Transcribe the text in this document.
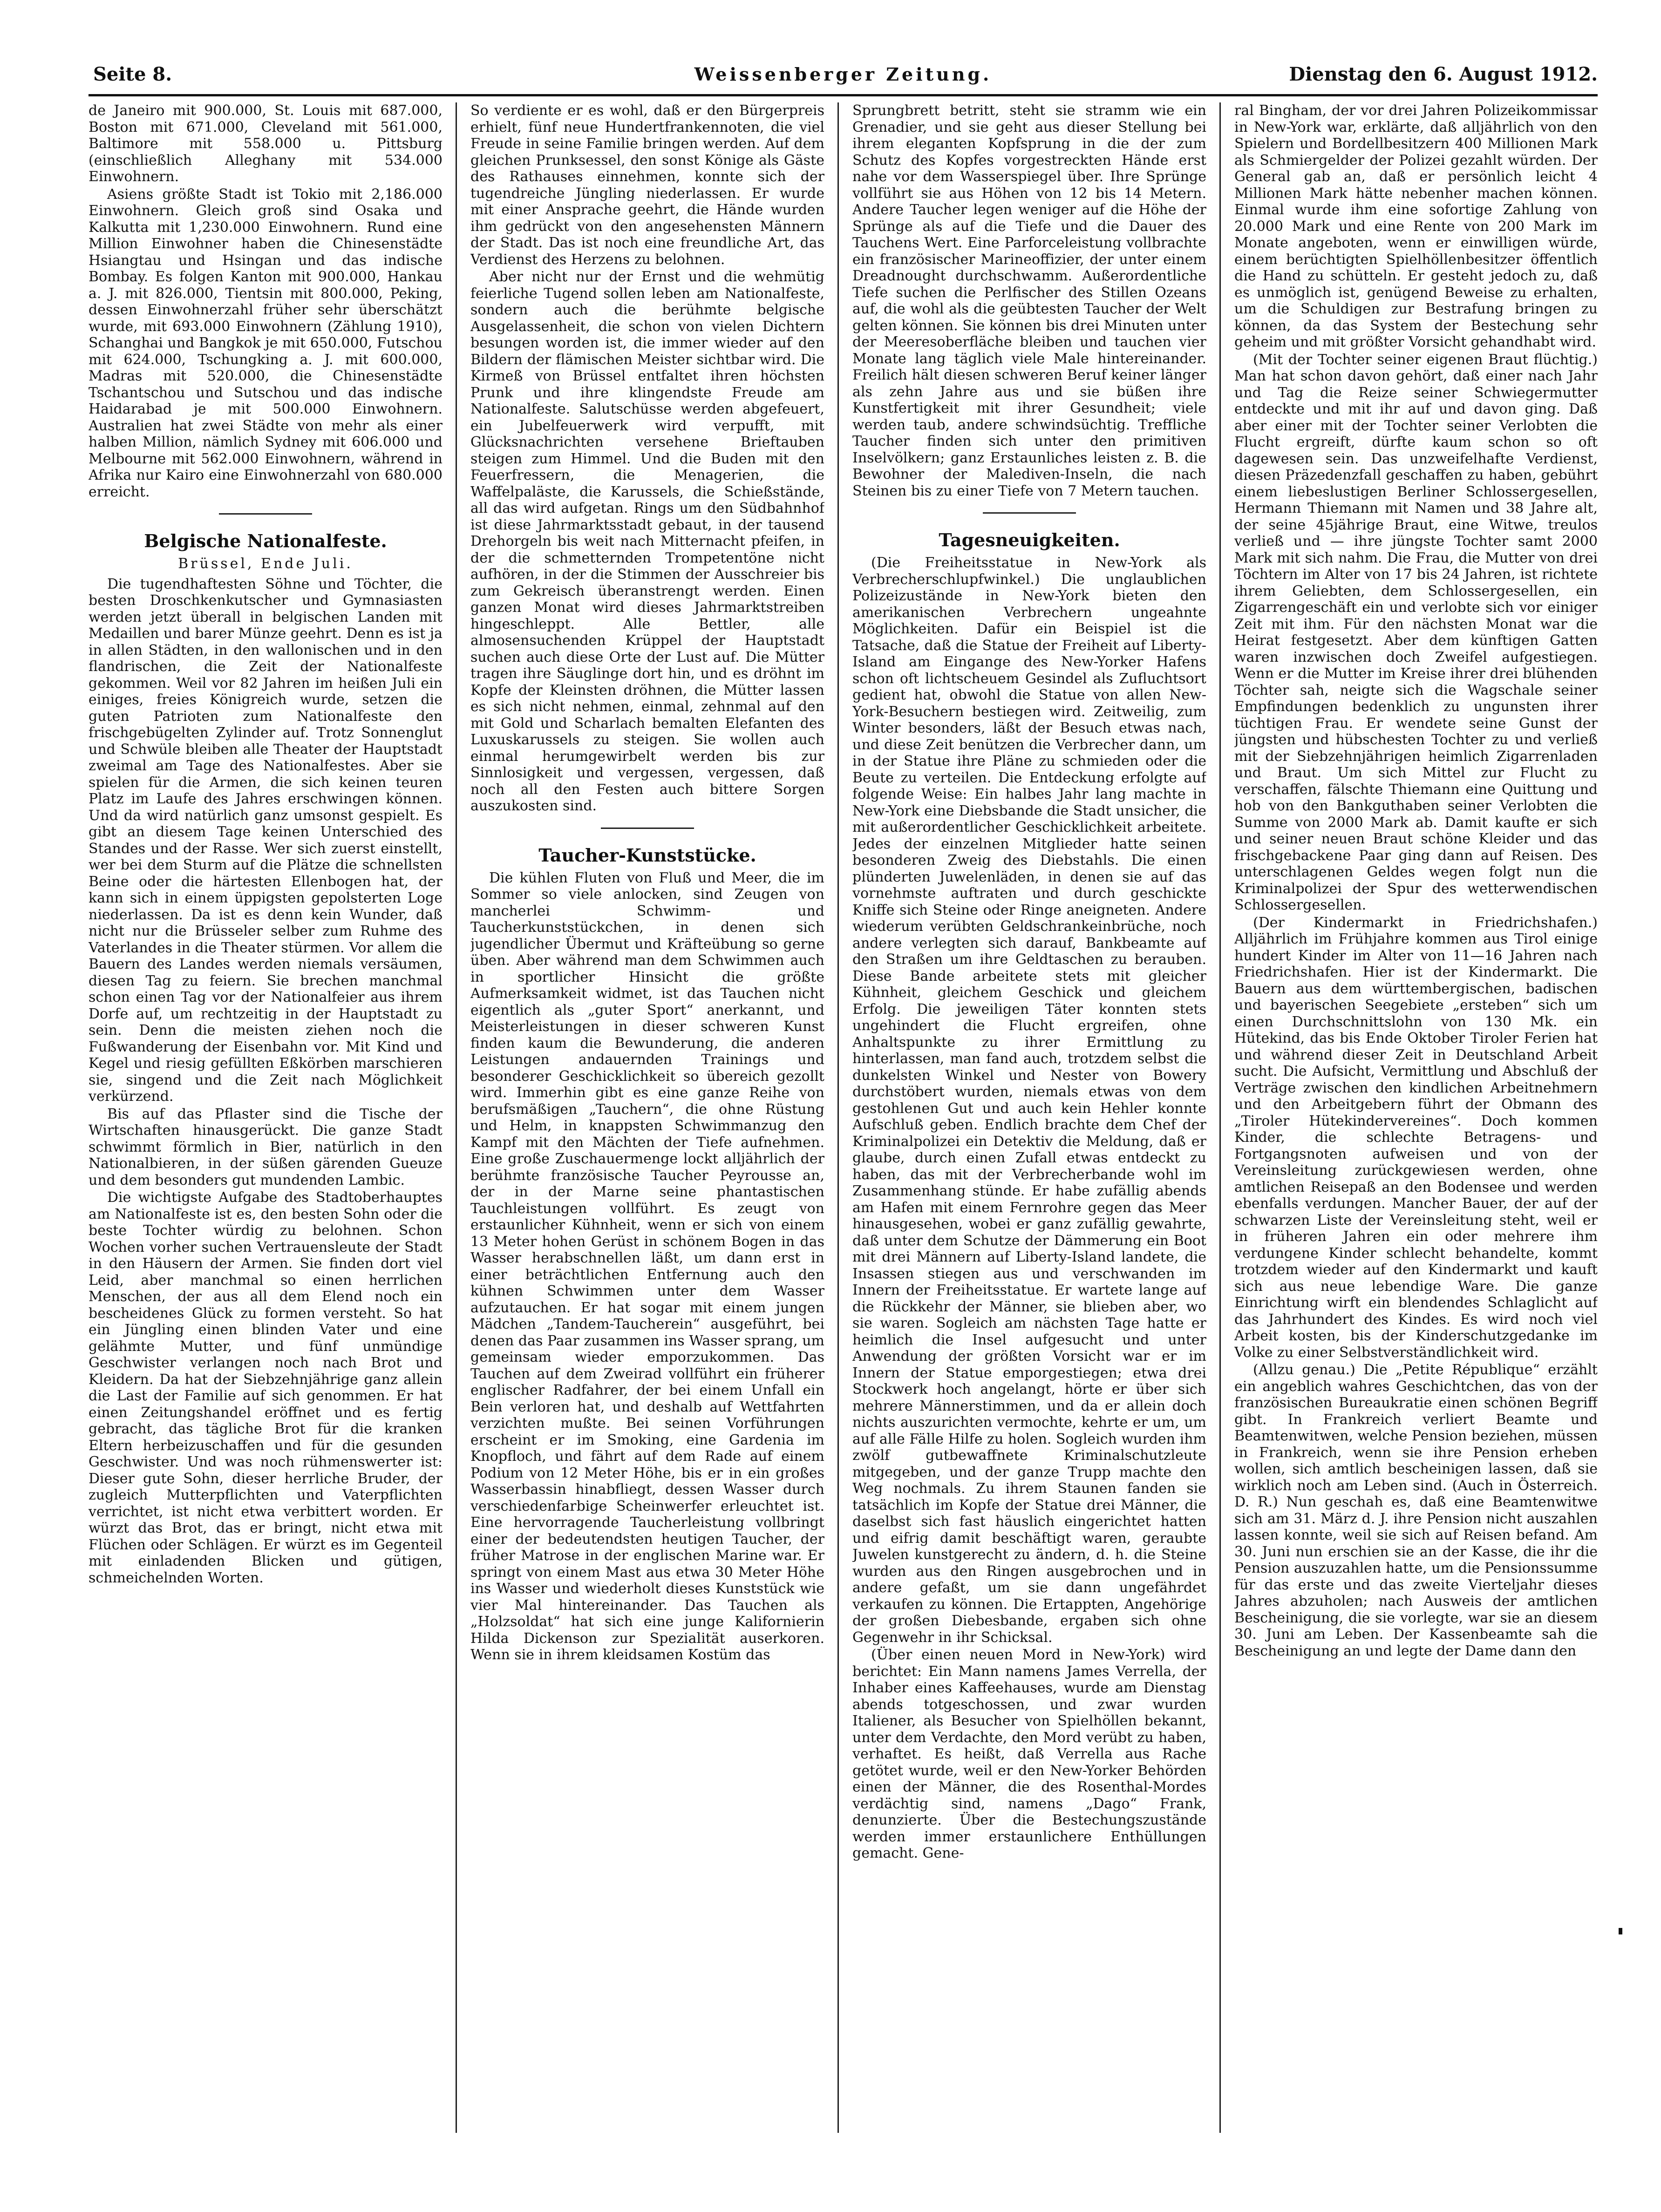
Seite 8.	Weissenberger Zeitung.	Dienstag den 6. August 1912.

de Janeiro mit 900.000, St. Louis mit 687.000, Boston mit 671.000, Cleveland mit 561.000, Baltimore mit 558.000 u. Pittsburg (einschließlich Alleghany mit 534.000 Einwohnern.

Asiens größte Stadt ist Tokio mit 2,186.000 Einwohnern. Gleich groß sind Osaka und Kalkutta mit 1,230.000 Einwohnern. Rund eine Million Einwohner haben die Chinesenstädte Hsiangtau und Hsingan und das indische Bombay. Es folgen Kanton mit 900.000, Hankau a. J. mit 826.000, Tientsin mit 800.000, Peking, dessen Einwohnerzahl früher sehr überschätzt wurde, mit 693.000 Einwohnern (Zählung 1910), Schanghai und Bangkok je mit 650.000, Futschou mit 624.000, Tschungking a. J. mit 600.000, Madras mit 520.000, die Chinesenstädte Tschantschou und Sutschou und das indische Haidarabad je mit 500.000 Einwohnern. Australien hat zwei Städte von mehr als einer halben Million, nämlich Sydney mit 606.000 und Melbourne mit 562.000 Einwohnern, während in Afrika nur Kairo eine Einwohnerzahl von 680.000 erreicht.

Belgische Nationalfeste.

Brüssel, Ende Juli.

Die tugendhaftesten Söhne und Töchter, die besten Droschkenkutscher und Gymnasiasten werden jetzt überall in belgischen Landen mit Medaillen und barer Münze geehrt. Denn es ist ja in allen Städten, in den wallonischen und in den flandrischen, die Zeit der Nationalfeste gekommen. Weil vor 82 Jahren im heißen Juli ein einiges, freies Königreich wurde, setzen die guten Patrioten zum Nationalfeste den frischgebügelten Zylinder auf. Trotz Sonnenglut und Schwüle bleiben alle Theater der Hauptstadt zweimal am Tage des Nationalfestes. Aber sie spielen für die Armen, die sich keinen teuren Platz im Laufe des Jahres erschwingen können. Und da wird natürlich ganz umsonst gespielt. Es gibt an diesem Tage keinen Unterschied des Standes und der Rasse. Wer sich zuerst einstellt, wer bei dem Sturm auf die Plätze die schnellsten Beine oder die härtesten Ellenbogen hat, der kann sich in einem üppigsten gepolsterten Loge niederlassen. Da ist es denn kein Wunder, daß nicht nur die Brüsseler selber zum Ruhme des Vaterlandes in die Theater stürmen. Vor allem die Bauern des Landes werden niemals versäumen, diesen Tag zu feiern. Sie brechen manchmal schon einen Tag vor der Nationalfeier aus ihrem Dorfe auf, um rechtzeitig in der Hauptstadt zu sein. Denn die meisten ziehen noch die Fußwanderung der Eisenbahn vor. Mit Kind und Kegel und riesig gefüllten Eßkörben marschieren sie, singend und die Zeit nach Möglichkeit verkürzend.

Bis auf das Pflaster sind die Tische der Wirtschaften hinausgerückt. Die ganze Stadt schwimmt förmlich in Bier, natürlich in den Nationalbieren, in der süßen gärenden Gueuze und dem besonders gut mundenden Lambic.

Die wichtigste Aufgabe des Stadtoberhauptes am Nationalfeste ist es, den besten Sohn oder die beste Tochter würdig zu belohnen. Schon Wochen vorher suchen Vertrauensleute der Stadt in den Häusern der Armen. Sie finden dort viel Leid, aber manchmal so einen herrlichen Menschen, der aus all dem Elend noch ein bescheidenes Glück zu formen versteht. So hat ein Jüngling einen blinden Vater und eine gelähmte Mutter, und fünf unmündige Geschwister verlangen noch nach Brot und Kleidern. Da hat der Siebzehnjährige ganz allein die Last der Familie auf sich genommen. Er hat einen Zeitungshandel eröffnet und es fertig gebracht, das tägliche Brot für die kranken Eltern herbeizuschaffen und für die gesunden Geschwister. Und was noch rühmenswerter ist: Dieser gute Sohn, dieser herrliche Bruder, der zugleich Mutterpflichten und Vaterpflichten verrichtet, ist nicht etwa verbittert worden. Er würzt das Brot, das er bringt, nicht etwa mit Flüchen oder Schlägen. Er würzt es im Gegenteil mit einladenden Blicken und gütigen, schmeichelnden Worten.

So verdiente er es wohl, daß er den Bürgerpreis erhielt, fünf neue Hundertfrankennoten, die viel Freude in seine Familie bringen werden. Auf dem gleichen Prunksessel, den sonst Könige als Gäste des Rathauses einnehmen, konnte sich der tugendreiche Jüngling niederlassen. Er wurde mit einer Ansprache geehrt, die Hände wurden ihm gedrückt von den angesehensten Männern der Stadt. Das ist noch eine freundliche Art, das Verdienst des Herzens zu belohnen.

Aber nicht nur der Ernst und die wehmütig feierliche Tugend sollen leben am Nationalfeste, sondern auch die berühmte belgische Ausgelassenheit, die schon von vielen Dichtern besungen worden ist, die immer wieder auf den Bildern der flämischen Meister sichtbar wird. Die Kirmeß von Brüssel entfaltet ihren höchsten Prunk und ihre klingendste Freude am Nationalfeste. Salutschüsse werden abgefeuert, ein Jubelfeuerwerk wird verpufft, mit Glücksnachrichten versehene Brieftauben steigen zum Himmel. Und die Buden mit den Feuerfressern, die Menagerien, die Waffelpaläste, die Karussels, die Schießstände, all das wird aufgetan. Rings um den Südbahnhof ist diese Jahrmarktsstadt gebaut, in der tausend Drehorgeln bis weit nach Mitternacht pfeifen, in der die schmetternden Trompetentöne nicht aufhören, in der die Stimmen der Ausschreier bis zum Gekreisch überanstrengt werden. Einen ganzen Monat wird dieses Jahrmarktstreiben hingeschleppt. Alle Bettler, alle almosensuchenden Krüppel der Hauptstadt suchen auch diese Orte der Lust auf. Die Mütter tragen ihre Säuglinge dort hin, und es dröhnt im Kopfe der Kleinsten dröhnen, die Mütter lassen es sich nicht nehmen, einmal, zehnmal auf den mit Gold und Scharlach bemalten Elefanten des Luxuskarussels zu steigen. Sie wollen auch einmal herumgewirbelt werden bis zur Sinnlosigkeit und vergessen, vergessen, daß noch all den Festen auch bittere Sorgen auszukosten sind.

Taucher-Kunststücke.

Die kühlen Fluten von Fluß und Meer, die im Sommer so viele anlocken, sind Zeugen von mancherlei Schwimm- und Taucherkunststückchen, in denen sich jugendlicher Übermut und Kräfteübung so gerne üben. Aber während man dem Schwimmen auch in sportlicher Hinsicht die größte Aufmerksamkeit widmet, ist das Tauchen nicht eigentlich als „guter Sport“ anerkannt, und Meisterleistungen in dieser schweren Kunst finden kaum die Bewunderung, die anderen Leistungen andauernden Trainings und besonderer Geschicklichkeit so übereich gezollt wird. Immerhin gibt es eine ganze Reihe von berufsmäßigen „Tauchern“, die ohne Rüstung und Helm, in knappsten Schwimmanzug den Kampf mit den Mächten der Tiefe aufnehmen. Eine große Zuschauermenge lockt alljährlich der berühmte französische Taucher Peyrousse an, der in der Marne seine phantastischen Tauchleistungen vollführt. Es zeugt von erstaunlicher Kühnheit, wenn er sich von einem 13 Meter hohen Gerüst in schönem Bogen in das Wasser herabschnellen läßt, um dann erst in einer beträchtlichen Entfernung auch den kühnen Schwimmen unter dem Wasser aufzutauchen. Er hat sogar mit einem jungen Mädchen „Tandem-Taucherein“ ausgeführt, bei denen das Paar zusammen ins Wasser sprang, um gemeinsam wieder emporzukommen. Das Tauchen auf dem Zweirad vollführt ein früherer englischer Radfahrer, der bei einem Unfall ein Bein verloren hat, und deshalb auf Wettfahrten verzichten mußte. Bei seinen Vorführungen erscheint er im Smoking, eine Gardenia im Knopfloch, und fährt auf dem Rade auf einem Podium von 12 Meter Höhe, bis er in ein großes Wasserbassin hinabfliegt, dessen Wasser durch verschiedenfarbige Scheinwerfer erleuchtet ist. Eine hervorragende Taucherleistung vollbringt einer der bedeutendsten heutigen Taucher, der früher Matrose in der englischen Marine war. Er springt von einem Mast aus etwa 30 Meter Höhe ins Wasser und wiederholt dieses Kunststück wie vier Mal hintereinander. Das Tauchen als „Holzsoldat“ hat sich eine junge Kalifornierin Hilda Dickenson zur Spezialität auserkoren. Wenn sie in ihrem kleidsamen Kostüm das

Sprungbrett betritt, steht sie stramm wie ein Grenadier, und sie geht aus dieser Stellung bei ihrem eleganten Kopfsprung in die der zum Schutz des Kopfes vorgestreckten Hände erst nahe vor dem Wasserspiegel über. Ihre Sprünge vollführt sie aus Höhen von 12 bis 14 Metern. Andere Taucher legen weniger auf die Höhe der Sprünge als auf die Tiefe und die Dauer des Tauchens Wert. Eine Parforceleistung vollbrachte ein französischer Marineoffizier, der unter einem Dreadnought durchschwamm. Außerordentliche Tiefe suchen die Perlfischer des Stillen Ozeans auf, die wohl als die geübtesten Taucher der Welt gelten können. Sie können bis drei Minuten unter der Meeresoberfläche bleiben und tauchen vier Monate lang täglich viele Male hintereinander. Freilich hält diesen schweren Beruf keiner länger als zehn Jahre aus und sie büßen ihre Kunstfertigkeit mit ihrer Gesundheit; viele werden taub, andere schwindsüchtig. Treffliche Taucher finden sich unter den primitiven Inselvölkern; ganz Erstaunliches leisten z. B. die Bewohner der Malediven-Inseln, die nach Steinen bis zu einer Tiefe von 7 Metern tauchen.

Tagesneuigkeiten.

(Die Freiheitsstatue in New-York als Verbrecherschlupfwinkel.) Die unglaublichen Polizeizustände in New-York bieten den amerikanischen Verbrechern ungeahnte Möglichkeiten. Dafür ein Beispiel ist die Tatsache, daß die Statue der Freiheit auf Liberty-Island am Eingange des New-Yorker Hafens schon oft lichtscheuem Gesindel als Zufluchtsort gedient hat, obwohl die Statue von allen New-York-Besuchern bestiegen wird. Zeitweilig, zum Winter besonders, läßt der Besuch etwas nach, und diese Zeit benützen die Verbrecher dann, um in der Statue ihre Pläne zu schmieden oder die Beute zu verteilen. Die Entdeckung erfolgte auf folgende Weise: Ein halbes Jahr lang machte in New-York eine Diebsbande die Stadt unsicher, die mit außerordentlicher Geschicklichkeit arbeitete. Jedes der einzelnen Mitglieder hatte seinen besonderen Zweig des Diebstahls. Die einen plünderten Juwelenläden, in denen sie auf das vornehmste auftraten und durch geschickte Kniffe sich Steine oder Ringe aneigneten. Andere wiederum verübten Geldschrankeinbrüche, noch andere verlegten sich darauf, Bankbeamte auf den Straßen um ihre Geldtaschen zu berauben. Diese Bande arbeitete stets mit gleicher Kühnheit, gleichem Geschick und gleichem Erfolg. Die jeweiligen Täter konnten stets ungehindert die Flucht ergreifen, ohne Anhaltspunkte zu ihrer Ermittlung zu hinterlassen, man fand auch, trotzdem selbst die dunkelsten Winkel und Nester von Bowery durchstöbert wurden, niemals etwas von dem gestohlenen Gut und auch kein Hehler konnte Aufschluß geben. Endlich brachte dem Chef der Kriminalpolizei ein Detektiv die Meldung, daß er glaube, durch einen Zufall etwas entdeckt zu haben, das mit der Verbrecherbande wohl im Zusammenhang stünde. Er habe zufällig abends am Hafen mit einem Fernrohre gegen das Meer hinausgesehen, wobei er ganz zufällig gewahrte, daß unter dem Schutze der Dämmerung ein Boot mit drei Männern auf Liberty-Island landete, die Insassen stiegen aus und verschwanden im Innern der Freiheitsstatue. Er wartete lange auf die Rückkehr der Männer, sie blieben aber, wo sie waren. Sogleich am nächsten Tage hatte er heimlich die Insel aufgesucht und unter Anwendung der größten Vorsicht war er im Innern der Statue emporgestiegen; etwa drei Stockwerk hoch angelangt, hörte er über sich mehrere Männerstimmen, und da er allein doch nichts auszurichten vermochte, kehrte er um, um auf alle Fälle Hilfe zu holen. Sogleich wurden ihm zwölf gutbewaffnete Kriminalschutzleute mitgegeben, und der ganze Trupp machte den Weg nochmals. Zu ihrem Staunen fanden sie tatsächlich im Kopfe der Statue drei Männer, die daselbst sich fast häuslich eingerichtet hatten und eifrig damit beschäftigt waren, geraubte Juwelen kunstgerecht zu ändern, d. h. die Steine wurden aus den Ringen ausgebrochen und in andere gefaßt, um sie dann ungefährdet verkaufen zu können. Die Ertappten, Angehörige der großen Diebesbande, ergaben sich ohne Gegenwehr in ihr Schicksal.

(Über einen neuen Mord in New-York) wird berichtet: Ein Mann namens James Verrella, der Inhaber eines Kaffeehauses, wurde am Dienstag abends totgeschossen, und zwar wurden Italiener, als Besucher von Spielhöllen bekannt, unter dem Verdachte, den Mord verübt zu haben, verhaftet. Es heißt, daß Verrella aus Rache getötet wurde, weil er den New-Yorker Behörden einen der Männer, die des Rosenthal-Mordes verdächtig sind, namens „Dago“ Frank, denunzierte. Über die Bestechungszustände werden immer erstaunlichere Enthüllungen gemacht. Gene-

ral Bingham, der vor drei Jahren Polizeikommissar in New-York war, erklärte, daß alljährlich von den Spielern und Bordellbesitzern 400 Millionen Mark als Schmiergelder der Polizei gezahlt würden. Der General gab an, daß er persönlich leicht 4 Millionen Mark hätte nebenher machen können. Einmal wurde ihm eine sofortige Zahlung von 20.000 Mark und eine Rente von 200 Mark im Monate angeboten, wenn er einwilligen würde, einem berüchtigten Spielhöllenbesitzer öffentlich die Hand zu schütteln. Er gesteht jedoch zu, daß es unmöglich ist, genügend Beweise zu erhalten, um die Schuldigen zur Bestrafung bringen zu können, da das System der Bestechung sehr geheim und mit größter Vorsicht gehandhabt wird.

(Mit der Tochter seiner eigenen Braut flüchtig.) Man hat schon davon gehört, daß einer nach Jahr und Tag die Reize seiner Schwiegermutter entdeckte und mit ihr auf und davon ging. Daß aber einer mit der Tochter seiner Verlobten die Flucht ergreift, dürfte kaum schon so oft dagewesen sein. Das unzweifelhafte Verdienst, diesen Präzedenzfall geschaffen zu haben, gebührt einem liebeslustigen Berliner Schlossergesellen, Hermann Thiemann mit Namen und 38 Jahre alt, der seine 45jährige Braut, eine Witwe, treulos verließ und — ihre jüngste Tochter samt 2000 Mark mit sich nahm. Die Frau, die Mutter von drei Töchtern im Alter von 17 bis 24 Jahren, ist richtete ihrem Geliebten, dem Schlossergesellen, ein Zigarrengeschäft ein und verlobte sich vor einiger Zeit mit ihm. Für den nächsten Monat war die Heirat festgesetzt. Aber dem künftigen Gatten waren inzwischen doch Zweifel aufgestiegen. Wenn er die Mutter im Kreise ihrer drei blühenden Töchter sah, neigte sich die Wagschale seiner Empfindungen bedenklich zu ungunsten ihrer tüchtigen Frau. Er wendete seine Gunst der jüngsten und hübschesten Tochter zu und verließ mit der Siebzehnjährigen heimlich Zigarrenladen und Braut. Um sich Mittel zur Flucht zu verschaffen, fälschte Thiemann eine Quittung und hob von den Bankguthaben seiner Verlobten die Summe von 2000 Mark ab. Damit kaufte er sich und seiner neuen Braut schöne Kleider und das frischgebackene Paar ging dann auf Reisen. Des unterschlagenen Geldes wegen folgt nun die Kriminalpolizei der Spur des wetterwendischen Schlossergesellen.

(Der Kindermarkt in Friedrichshafen.) Alljährlich im Frühjahre kommen aus Tirol einige hundert Kinder im Alter von 11—16 Jahren nach Friedrichshafen. Hier ist der Kindermarkt. Die Bauern aus dem württembergischen, badischen und bayerischen Seegebiete „ersteben“ sich um einen Durchschnittslohn von 130 Mk. ein Hütekind, das bis Ende Oktober Tiroler Ferien hat und während dieser Zeit in Deutschland Arbeit sucht. Die Aufsicht, Vermittlung und Abschluß der Verträge zwischen den kindlichen Arbeitnehmern und den Arbeitgebern führt der Obmann des „Tiroler Hütekindervereines“. Doch kommen Kinder, die schlechte Betragens- und Fortgangsnoten aufweisen und von der Vereinsleitung zurückgewiesen werden, ohne amtlichen Reisepaß an den Bodensee und werden ebenfalls verdungen. Mancher Bauer, der auf der schwarzen Liste der Vereinsleitung steht, weil er in früheren Jahren ein oder mehrere ihm verdungene Kinder schlecht behandelte, kommt trotzdem wieder auf den Kindermarkt und kauft sich aus neue lebendige Ware. Die ganze Einrichtung wirft ein blendendes Schlaglicht auf das Jahrhundert des Kindes. Es wird noch viel Arbeit kosten, bis der Kinderschutzgedanke im Volke zu einer Selbstverständlichkeit wird.

(Allzu genau.) Die „Petite République“ erzählt ein angeblich wahres Geschichtchen, das von der französischen Bureaukratie einen schönen Begriff gibt. In Frankreich verliert Beamte und Beamtenwitwen, welche Pension beziehen, müssen in Frankreich, wenn sie ihre Pension erheben wollen, sich amtlich bescheinigen lassen, daß sie wirklich noch am Leben sind. (Auch in Österreich. D. R.) Nun geschah es, daß eine Beamtenwitwe sich am 31. März d. J. ihre Pension nicht auszahlen lassen konnte, weil sie sich auf Reisen befand. Am 30. Juni nun erschien sie an der Kasse, die ihr die Pension auszuzahlen hatte, um die Pensionssumme für das erste und das zweite Vierteljahr dieses Jahres abzuholen; nach Ausweis der amtlichen Bescheinigung, die sie vorlegte, war sie an diesem 30. Juni am Leben. Der Kassenbeamte sah die Bescheinigung an und legte der Dame dann den
